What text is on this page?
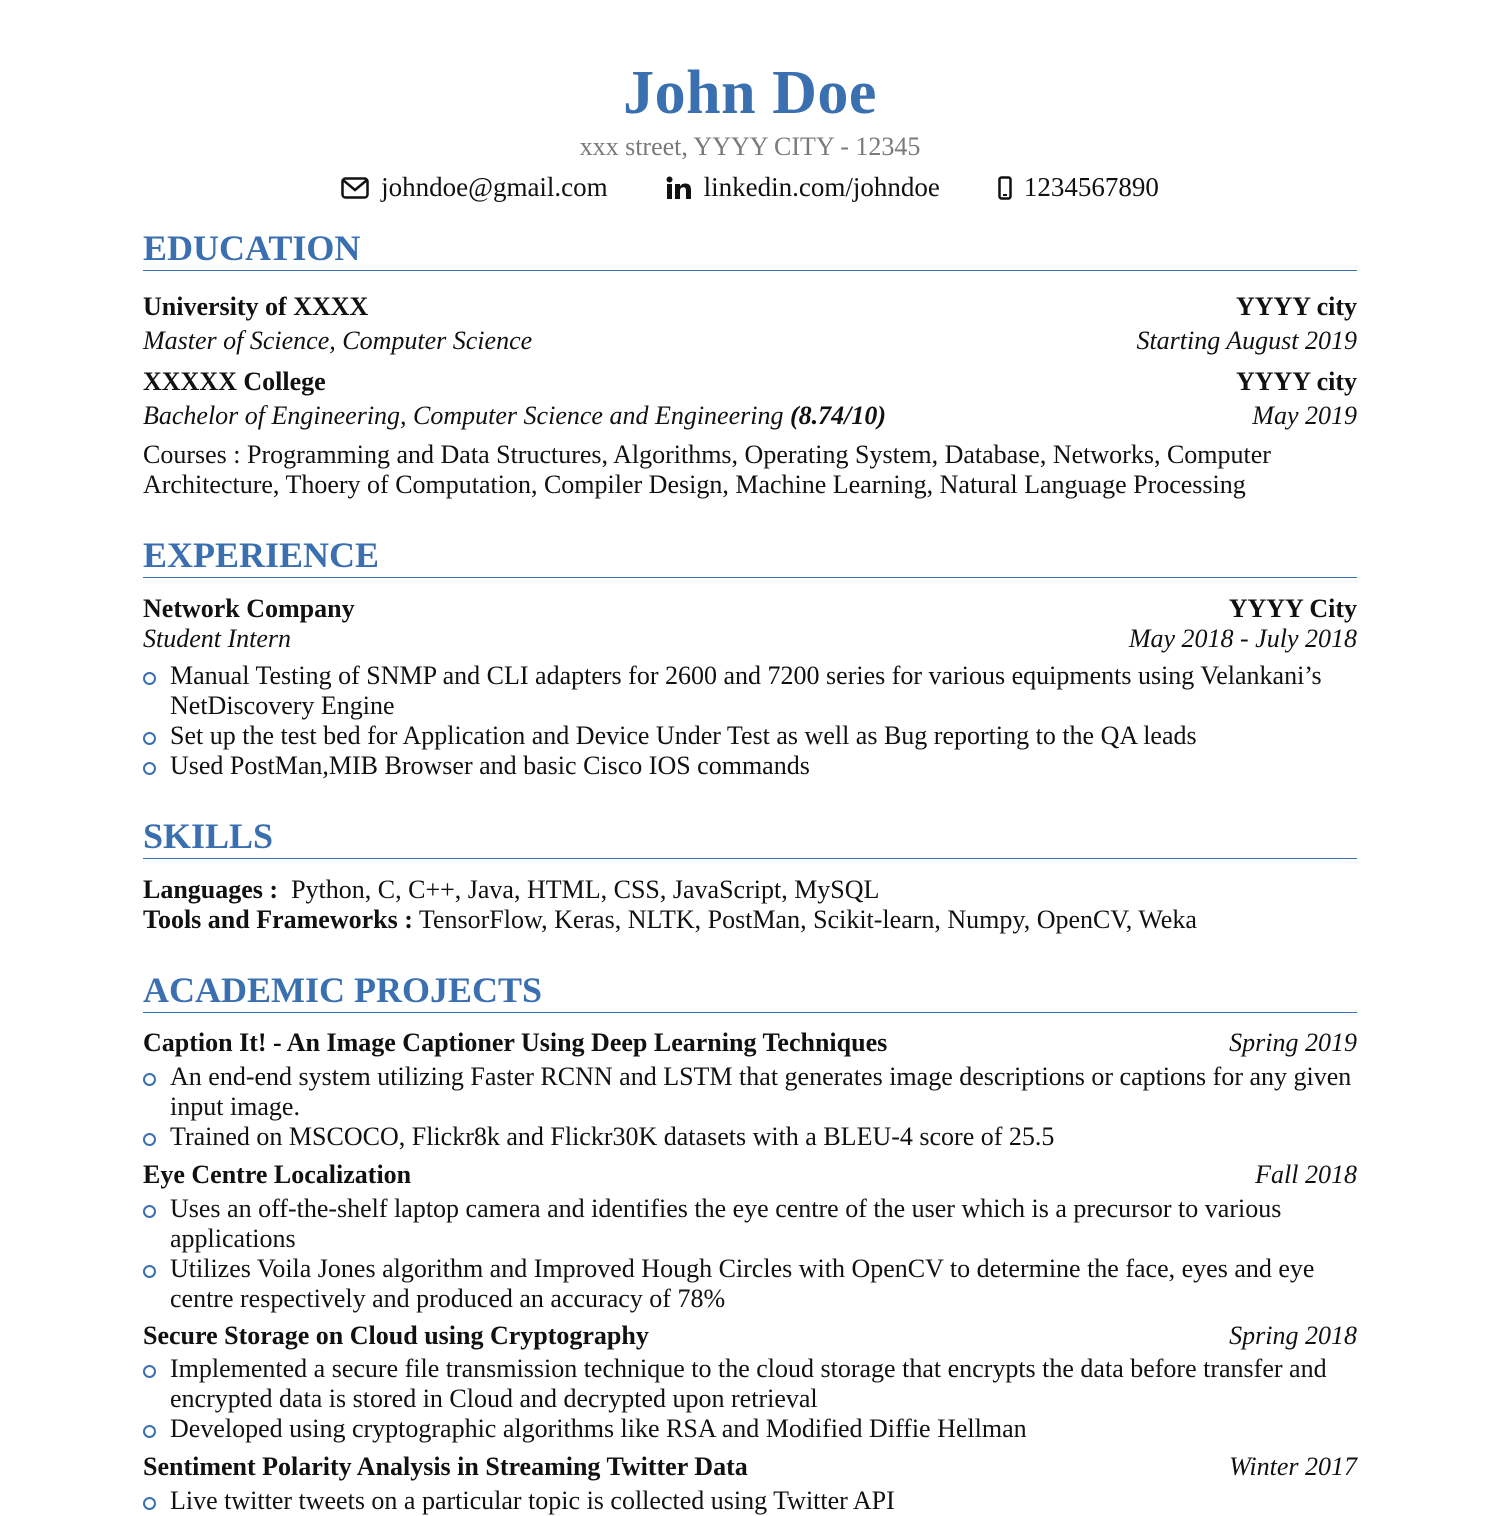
John Doe
xxx street, YYYY CITY - 12345
johndoe@gmail.com	linkedin.com/johndoe	1234567890
EDUCATION
University of XXXX	YYYY city
Master of Science, Computer Science	Starting August 2019
XXXXX College	YYYY city
Bachelor of Engineering, Computer Science and Engineering (8.74/10)	May 2019
Courses : Programming and Data Structures, Algorithms, Operating System, Database, Networks, Computer
Architecture, Thoery of Computation, Compiler Design, Machine Learning, Natural Language Processing
EXPERIENCE
Network Company	YYYY City
Student Intern	May 2018 - July 2018
Manual Testing of SNMP and CLI adapters for 2600 and 7200 series for various equipments using Velankani’s NetDiscovery Engine
Set up the test bed for Application and Device Under Test as well as Bug reporting to the QA leads
Used PostMan,MIB Browser and basic Cisco IOS commands
SKILLS
Languages : Python, C, C++, Java, HTML, CSS, JavaScript, MySQL
Tools and Frameworks : TensorFlow, Keras, NLTK, PostMan, Scikit-learn, Numpy, OpenCV, Weka
ACADEMIC PROJECTS
Caption It! - An Image Captioner Using Deep Learning Techniques	Spring 2019
An end-end system utilizing Faster RCNN and LSTM that generates image descriptions or captions for any given input image.
Trained on MSCOCO, Flickr8k and Flickr30K datasets with a BLEU-4 score of 25.5
Eye Centre Localization	Fall 2018
Uses an off-the-shelf laptop camera and identifies the eye centre of the user which is a precursor to various applications
Utilizes Voila Jones algorithm and Improved Hough Circles with OpenCV to determine the face, eyes and eye centre respectively and produced an accuracy of 78%
Secure Storage on Cloud using Cryptography	Spring 2018
Implemented a secure file transmission technique to the cloud storage that encrypts the data before transfer and encrypted data is stored in Cloud and decrypted upon retrieval
Developed using cryptographic algorithms like RSA and Modified Diffie Hellman
Sentiment Polarity Analysis in Streaming Twitter Data	Winter 2017
Live twitter tweets on a particular topic is collected using Twitter API
